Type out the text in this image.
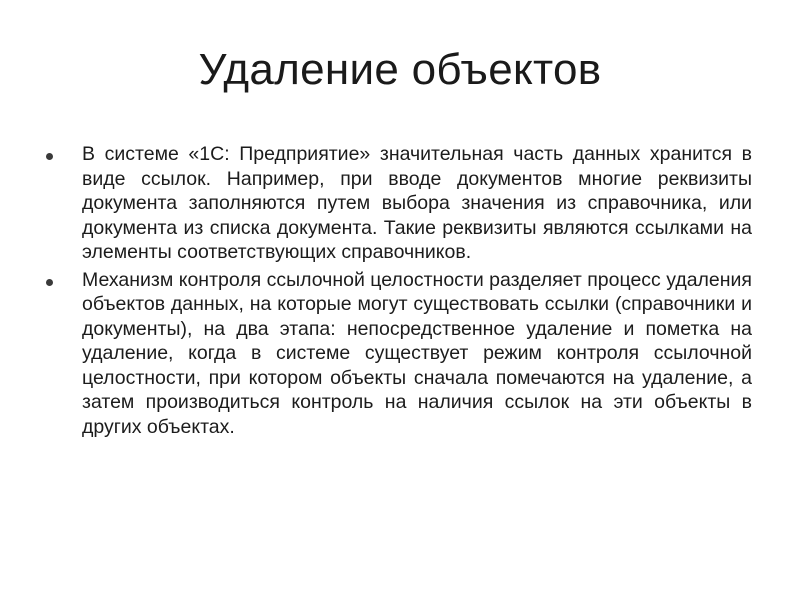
Удаление объектов
В системе «1С: Предприятие» значительная часть данных хранится в виде ссылок. Например, при вводе документов многие реквизиты документа заполняются путем выбора значения из справочника, или документа из списка документа. Такие реквизиты являются ссылками на элементы соответствующих справочников.
Механизм контроля ссылочной целостности разделяет процесс удаления объектов данных, на которые могут существовать ссылки (справочники и документы), на два этапа: непосредственное удаление и пометка на удаление, когда в системе существует режим контроля ссылочной целостности, при котором объекты сначала помечаются на удаление, а затем производиться контроль на наличия ссылок на эти объекты в других объектах.
